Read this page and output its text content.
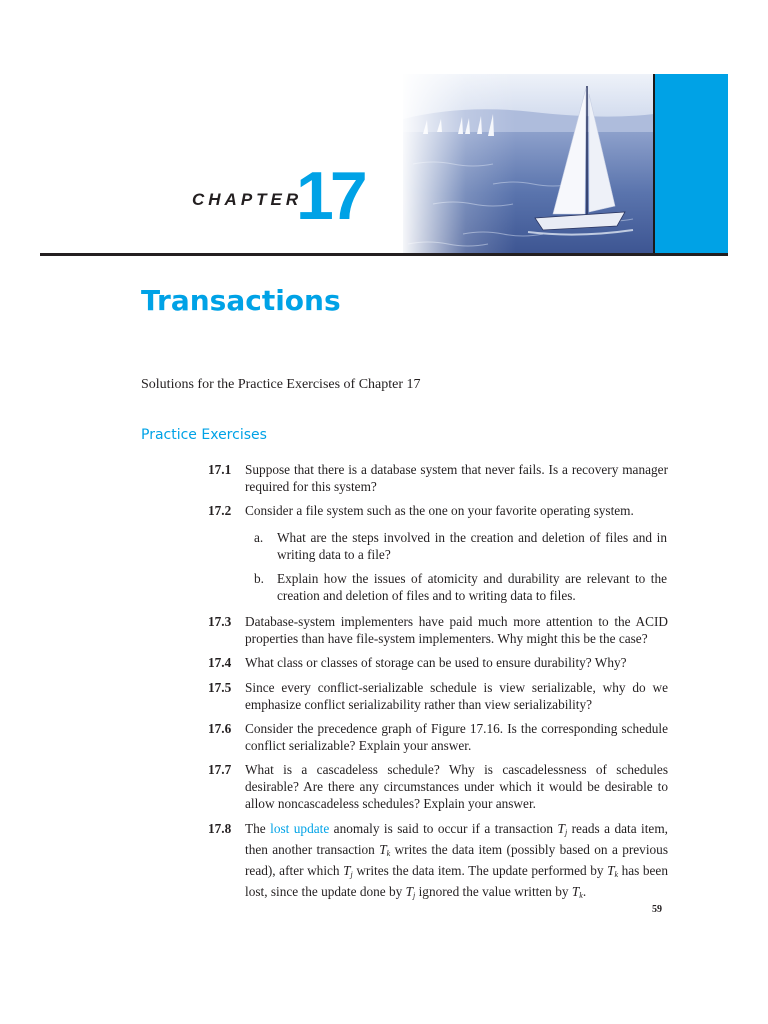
CHAPTER
17
Transactions
Solutions for the Practice Exercises of Chapter 17
Practice Exercises
17.1	Suppose that there is a database system that never fails. Is a recovery manager required for this system?
17.2	Consider a file system such as the one on your favorite operating system.
a. What are the steps involved in the creation and deletion of files and in writing data to a file?
b. Explain how the issues of atomicity and durability are relevant to the creation and deletion of files and to writing data to files.
17.3	Database-system implementers have paid much more attention to the ACID properties than have file-system implementers. Why might this be the case?
17.4	What class or classes of storage can be used to ensure durability? Why?
17.5	Since every conflict-serializable schedule is view serializable, why do we emphasize conflict serializability rather than view serializability?
17.6	Consider the precedence graph of Figure 17.16. Is the corresponding schedule conflict serializable? Explain your answer.
17.7	What is a cascadeless schedule? Why is cascadelessness of schedules desirable? Are there any circumstances under which it would be desirable to allow noncascadeless schedules? Explain your answer.
17.8	The lost update anomaly is said to occur if a transaction $T_j$ reads a data item, then another transaction $T_k$ writes the data item (possibly based on a previous read), after which $T_j$ writes the data item. The update performed by $T_k$ has been lost, since the update done by $T_j$ ignored the value written by $T_k$.
59
